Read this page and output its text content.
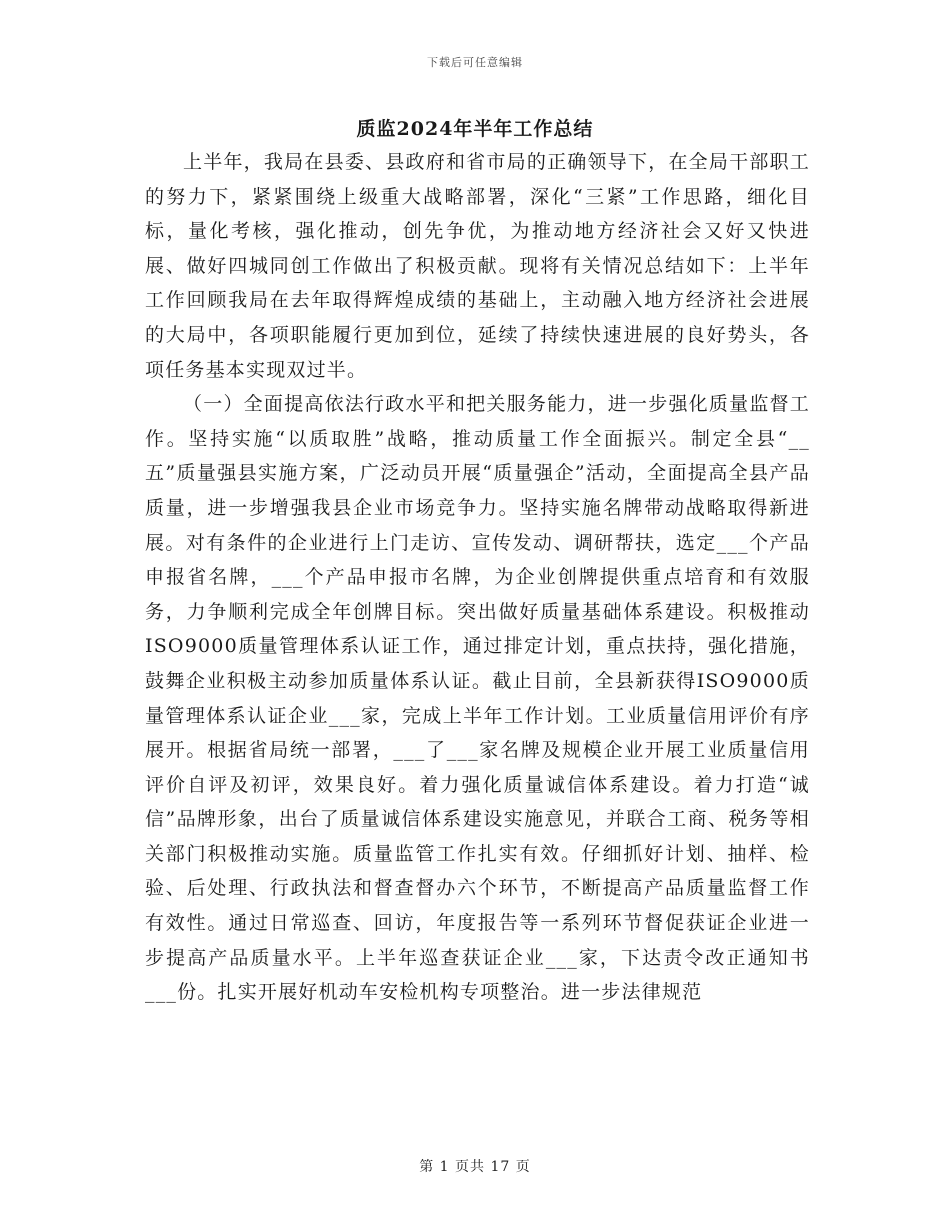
下载后可任意编辑
质监2024年半年工作总结

上半年，我局在县委、县政府和省市局的正确领导下，在全局干部职工的努力下，紧紧围绕上级重大战略部署，深化“三紧”工作思路，细化目标，量化考核，强化推动，创先争优，为推动地方经济社会又好又快进展、做好四城同创工作做出了积极贡献。现将有关情况总结如下：上半年工作回顾我局在去年取得辉煌成绩的基础上，主动融入地方经济社会进展的大局中，各项职能履行更加到位，延续了持续快速进展的良好势头，各项任务基本实现双过半。

（一）全面提高依法行政水平和把关服务能力，进一步强化质量监督工作。坚持实施“以质取胜”战略，推动质量工作全面振兴。制定全县“__五”质量强县实施方案，广泛动员开展“质量强企”活动，全面提高全县产品质量，进一步增强我县企业市场竞争力。坚持实施名牌带动战略取得新进展。对有条件的企业进行上门走访、宣传发动、调研帮扶，选定___个产品申报省名牌，___个产品申报市名牌，为企业创牌提供重点培育和有效服务，力争顺利完成全年创牌目标。突出做好质量基础体系建设。积极推动ISO9000质量管理体系认证工作，通过排定计划，重点扶持，强化措施，鼓舞企业积极主动参加质量体系认证。截止目前，全县新获得ISO9000质量管理体系认证企业___家，完成上半年工作计划。工业质量信用评价有序展开。根据省局统一部署，___了___家名牌及规模企业开展工业质量信用评价自评及初评，效果良好。着力强化质量诚信体系建设。着力打造“诚信”品牌形象，出台了质量诚信体系建设实施意见，并联合工商、税务等相关部门积极推动实施。质量监管工作扎实有效。仔细抓好计划、抽样、检验、后处理、行政执法和督查督办六个环节，不断提高产品质量监督工作有效性。通过日常巡查、回访，年度报告等一系列环节督促获证企业进一步提高产品质量水平。上半年巡查获证企业___家，下达责令改正通知书___份。扎实开展好机动车安检机构专项整治。进一步法律规范

第 1 页共 17 页
